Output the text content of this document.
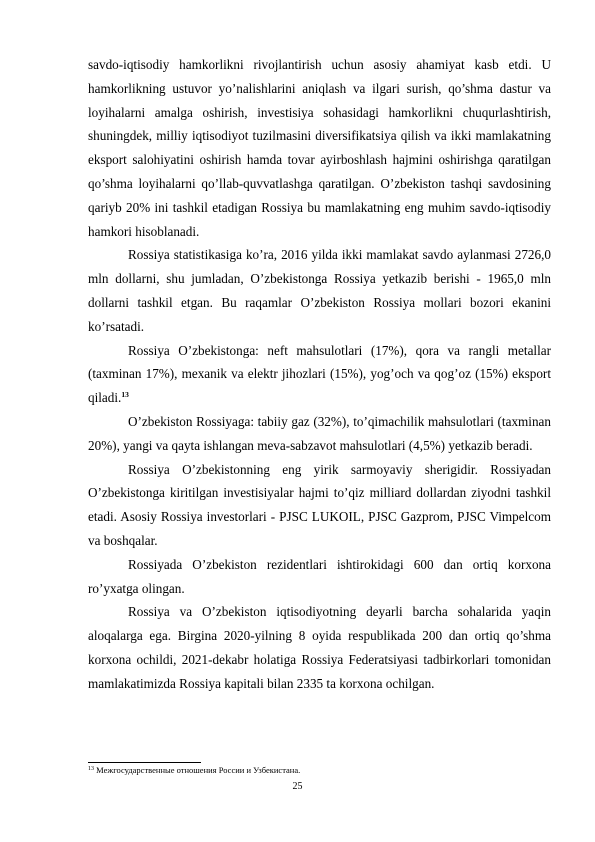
savdo-iqtisodiy hamkorlikni rivojlantirish uchun asosiy ahamiyat kasb etdi. U hamkorlikning ustuvor yo’nalishlarini aniqlash va ilgari surish, qo’shma dastur va loyihalarni amalga oshirish, investisiya sohasidagi hamkorlikni chuqurlashtirish, shuningdek, milliy iqtisodiyot tuzilmasini diversifikatsiya qilish va ikki mamlakatning eksport salohiyatini oshirish hamda tovar ayirboshlash hajmini oshirishga qaratilgan qo’shma loyihalarni qo’llab-quvvatlashga qaratilgan. O’zbekiston tashqi savdosining qariyb 20% ini tashkil etadigan Rossiya bu mamlakatning eng muhim savdo-iqtisodiy hamkori hisoblanadi.

Rossiya statistikasiga ko’ra, 2016 yilda ikki mamlakat savdo aylanmasi 2726,0 mln dollarni, shu jumladan, O’zbekistonga Rossiya yetkazib berishi - 1965,0 mln dollarni tashkil etgan. Bu raqamlar O’zbekiston Rossiya mollari bozori ekanini ko’rsatadi.

Rossiya O’zbekistonga: neft mahsulotlari (17%), qora va rangli metallar (taxminan 17%), mexanik va elektr jihozlari (15%), yog’och va qog’oz (15%) eksport qiladi.$^{13}$

O’zbekiston Rossiyaga: tabiiy gaz (32%), to’qimachilik mahsulotlari (taxminan 20%), yangi va qayta ishlangan meva-sabzavot mahsulotlari (4,5%) yetkazib beradi.

Rossiya O’zbekistonning eng yirik sarmoyaviy sherigidir. Rossiyadan O’zbekistonga kiritilgan investisiyalar hajmi to’qiz milliard dollardan ziyodni tashkil etadi. Asosiy Rossiya investorlari - PJSC LUKOIL, PJSC Gazprom, PJSC Vimpelcom va boshqalar.

Rossiyada O’zbekiston rezidentlari ishtirokidagi 600 dan ortiq korxona ro’yxatga olingan.

Rossiya va O’zbekiston iqtisodiyotning deyarli barcha sohalarida yaqin aloqalarga ega. Birgina 2020-yilning 8 oyida respublikada 200 dan ortiq qo’shma korxona ochildi, 2021-dekabr holatiga Rossiya Federatsiyasi tadbirkorlari tomonidan mamlakatimizda Rossiya kapitali bilan 2335 ta korxona ochilgan.

$^{13}$ Межгосударственные отношения России и Узбекистана.
25
